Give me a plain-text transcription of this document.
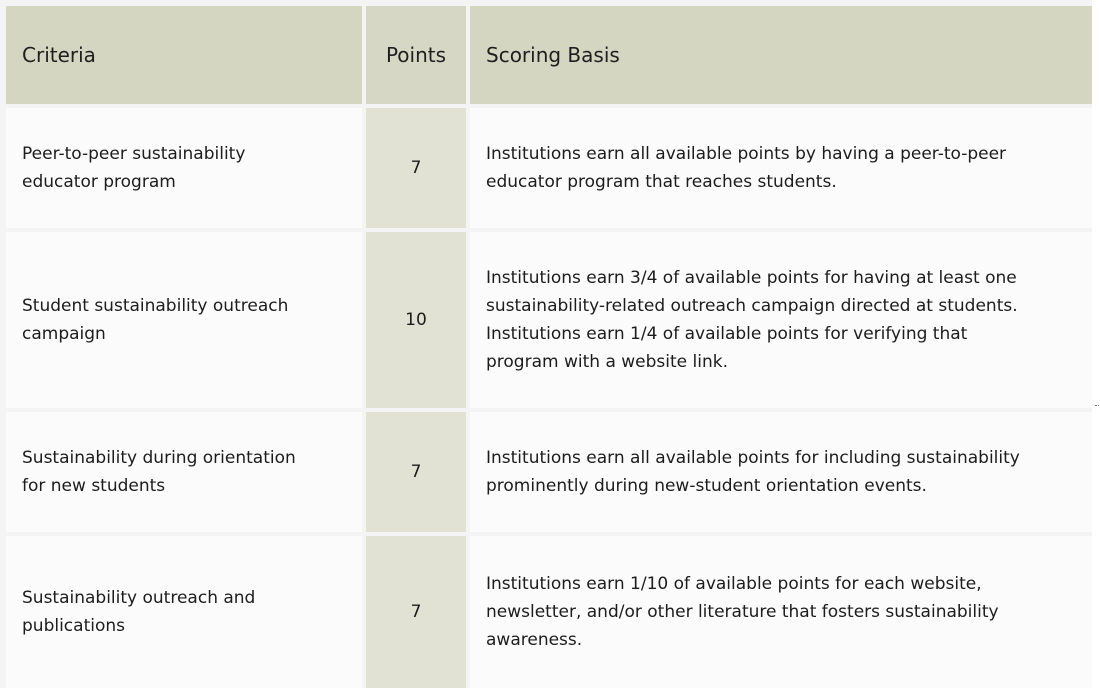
Criteria	Points Scoring Basis
Peer-to-peer sustainability
educator program
7
Institutions earn all available points by having a peer-to-peer
educator program that reaches students.
Student sustainability outreach
campaign
10
Institutions earn 3/4 of available points for having at least one
sustainability-related outreach campaign directed at students.
Institutions earn 1/4 of available points for verifying that
program with a website link.
Sustainability during orientation
for new students
7
Institutions earn all available points for including sustainability
prominently during new-student orientation events.
Sustainability outreach and
publications
7
Institutions earn 1/10 of available points for each website,
newsletter, and/or other literature that fosters sustainability
awareness.
